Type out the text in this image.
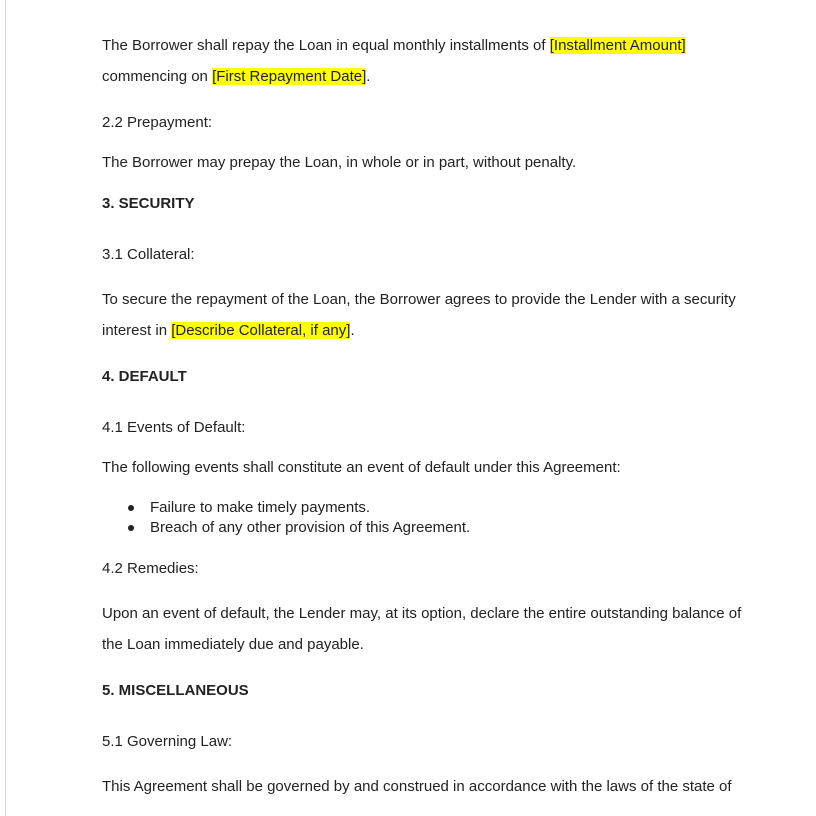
The Borrower shall repay the Loan in equal monthly installments of [Installment Amount]
commencing on [First Repayment Date].

2.2 Prepayment:

The Borrower may prepay the Loan, in whole or in part, without penalty.

3. SECURITY

3.1 Collateral:

To secure the repayment of the Loan, the Borrower agrees to provide the Lender with a security interest in [Describe Collateral, if any].

4. DEFAULT

4.1 Events of Default:

The following events shall constitute an event of default under this Agreement:

Failure to make timely payments.
Breach of any other provision of this Agreement.

4.2 Remedies:

Upon an event of default, the Lender may, at its option, declare the entire outstanding balance of the Loan immediately due and payable.

5. MISCELLANEOUS

5.1 Governing Law:

This Agreement shall be governed by and construed in accordance with the laws of the state of
